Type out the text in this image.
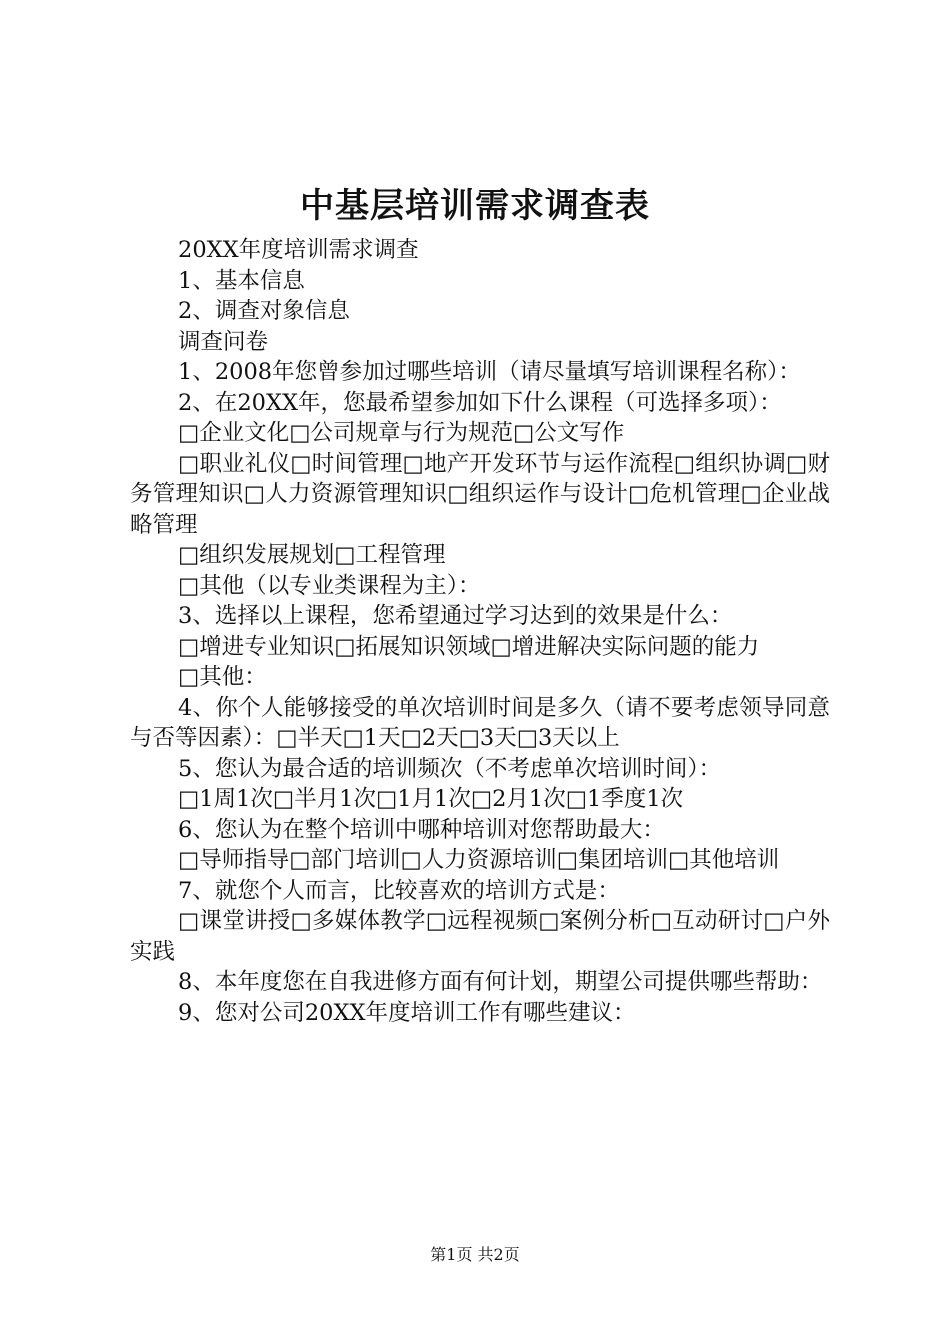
中基层培训需求调查表

20XX年度培训需求调查

1、基本信息

2、调查对象信息

调查问卷

1、2008年您曾参加过哪些培训（请尽量填写培训课程名称）：

2、在20XX年，您最希望参加如下什么课程（可选择多项）：

□企业文化□公司规章与行为规范□公文写作

□职业礼仪□时间管理□地产开发环节与运作流程□组织协调□财务管理知识□人力资源管理知识□组织运作与设计□危机管理□企业战略管理

□组织发展规划□工程管理

□其他（以专业类课程为主）：

3、选择以上课程，您希望通过学习达到的效果是什么：

□增进专业知识□拓展知识领域□增进解决实际问题的能力

□其他：

4、你个人能够接受的单次培训时间是多久（请不要考虑领导同意与否等因素）：□半天□1天□2天□3天□3天以上

5、您认为最合适的培训频次（不考虑单次培训时间）：

□1周1次□半月1次□1月1次□2月1次□1季度1次

6、您认为在整个培训中哪种培训对您帮助最大：

□导师指导□部门培训□人力资源培训□集团培训□其他培训

7、就您个人而言，比较喜欢的培训方式是：

□课堂讲授□多媒体教学□远程视频□案例分析□互动研讨□户外实践

8、本年度您在自我进修方面有何计划，期望公司提供哪些帮助：

9、您对公司20XX年度培训工作有哪些建议：

第1页 共2页
